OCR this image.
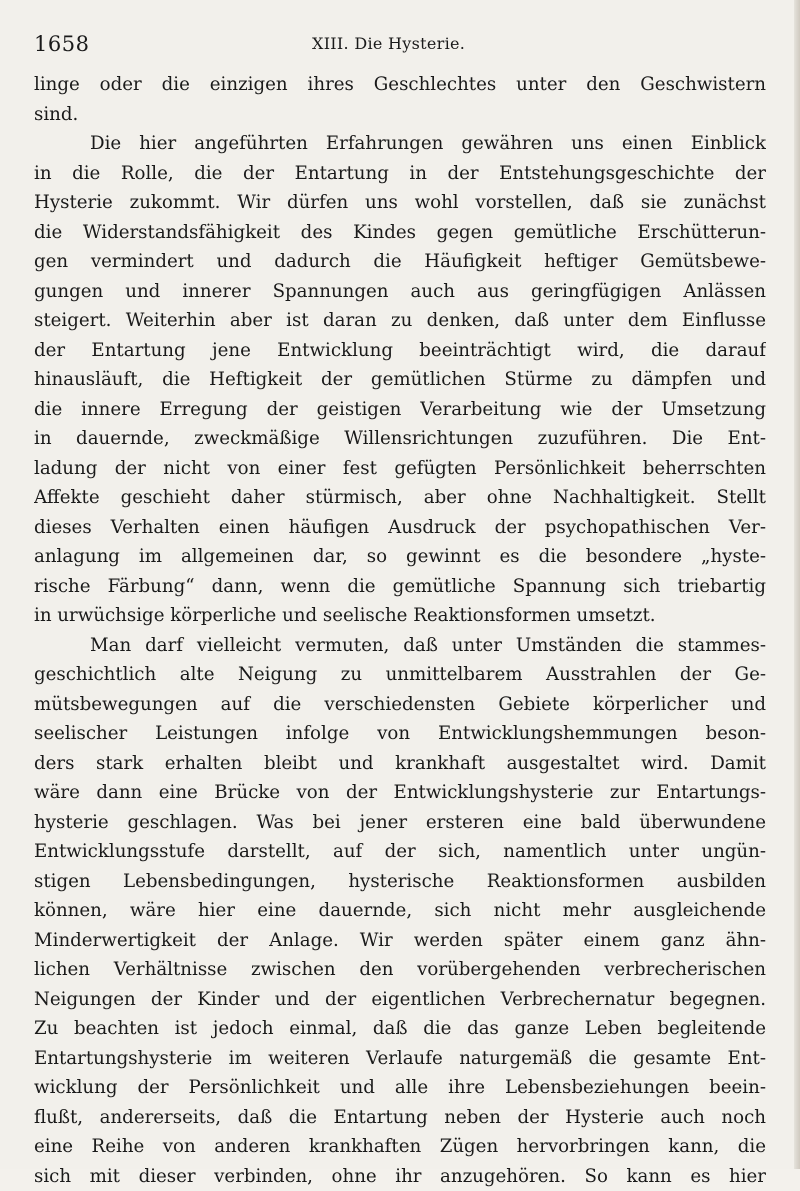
1658	XIII. Die Hysterie.
linge oder die einzigen ihres Geschlechtes unter den Geschwistern
sind.
Die hier angeführten Erfahrungen gewähren uns einen Einblick
in die Rolle, die der Entartung in der Entstehungsgeschichte der
Hysterie zukommt. Wir dürfen uns wohl vorstellen, daß sie zunächst
die Widerstandsfähigkeit des Kindes gegen gemütliche Erschütterun-
gen vermindert und dadurch die Häufigkeit heftiger Gemütsbewe-
gungen und innerer Spannungen auch aus geringfügigen Anlässen
steigert. Weiterhin aber ist daran zu denken, daß unter dem Einflusse
der Entartung jene Entwicklung beeinträchtigt wird, die darauf
hinausläuft, die Heftigkeit der gemütlichen Stürme zu dämpfen und
die innere Erregung der geistigen Verarbeitung wie der Umsetzung
in dauernde, zweckmäßige Willensrichtungen zuzuführen. Die Ent-
ladung der nicht von einer fest gefügten Persönlichkeit beherrschten
Affekte geschieht daher stürmisch, aber ohne Nachhaltigkeit. Stellt
dieses Verhalten einen häufigen Ausdruck der psychopathischen Ver-
anlagung im allgemeinen dar, so gewinnt es die besondere „hyste-
rische Färbung“ dann, wenn die gemütliche Spannung sich triebartig
in urwüchsige körperliche und seelische Reaktionsformen umsetzt.
Man darf vielleicht vermuten, daß unter Umständen die stammes-
geschichtlich alte Neigung zu unmittelbarem Ausstrahlen der Ge-
mütsbewegungen auf die verschiedensten Gebiete körperlicher und
seelischer Leistungen infolge von Entwicklungshemmungen beson-
ders stark erhalten bleibt und krankhaft ausgestaltet wird. Damit
wäre dann eine Brücke von der Entwicklungshysterie zur Entartungs-
hysterie geschlagen. Was bei jener ersteren eine bald überwundene
Entwicklungsstufe darstellt, auf der sich, namentlich unter ungün-
stigen Lebensbedingungen, hysterische Reaktionsformen ausbilden
können, wäre hier eine dauernde, sich nicht mehr ausgleichende
Minderwertigkeit der Anlage. Wir werden später einem ganz ähn-
lichen Verhältnisse zwischen den vorübergehenden verbrecherischen
Neigungen der Kinder und der eigentlichen Verbrechernatur begegnen.
Zu beachten ist jedoch einmal, daß die das ganze Leben begleitende
Entartungshysterie im weiteren Verlaufe naturgemäß die gesamte Ent-
wicklung der Persönlichkeit und alle ihre Lebensbeziehungen beein-
flußt, andererseits, daß die Entartung neben der Hysterie auch noch
eine Reihe von anderen krankhaften Zügen hervorbringen kann, die
sich mit dieser verbinden, ohne ihr anzugehören. So kann es hier
